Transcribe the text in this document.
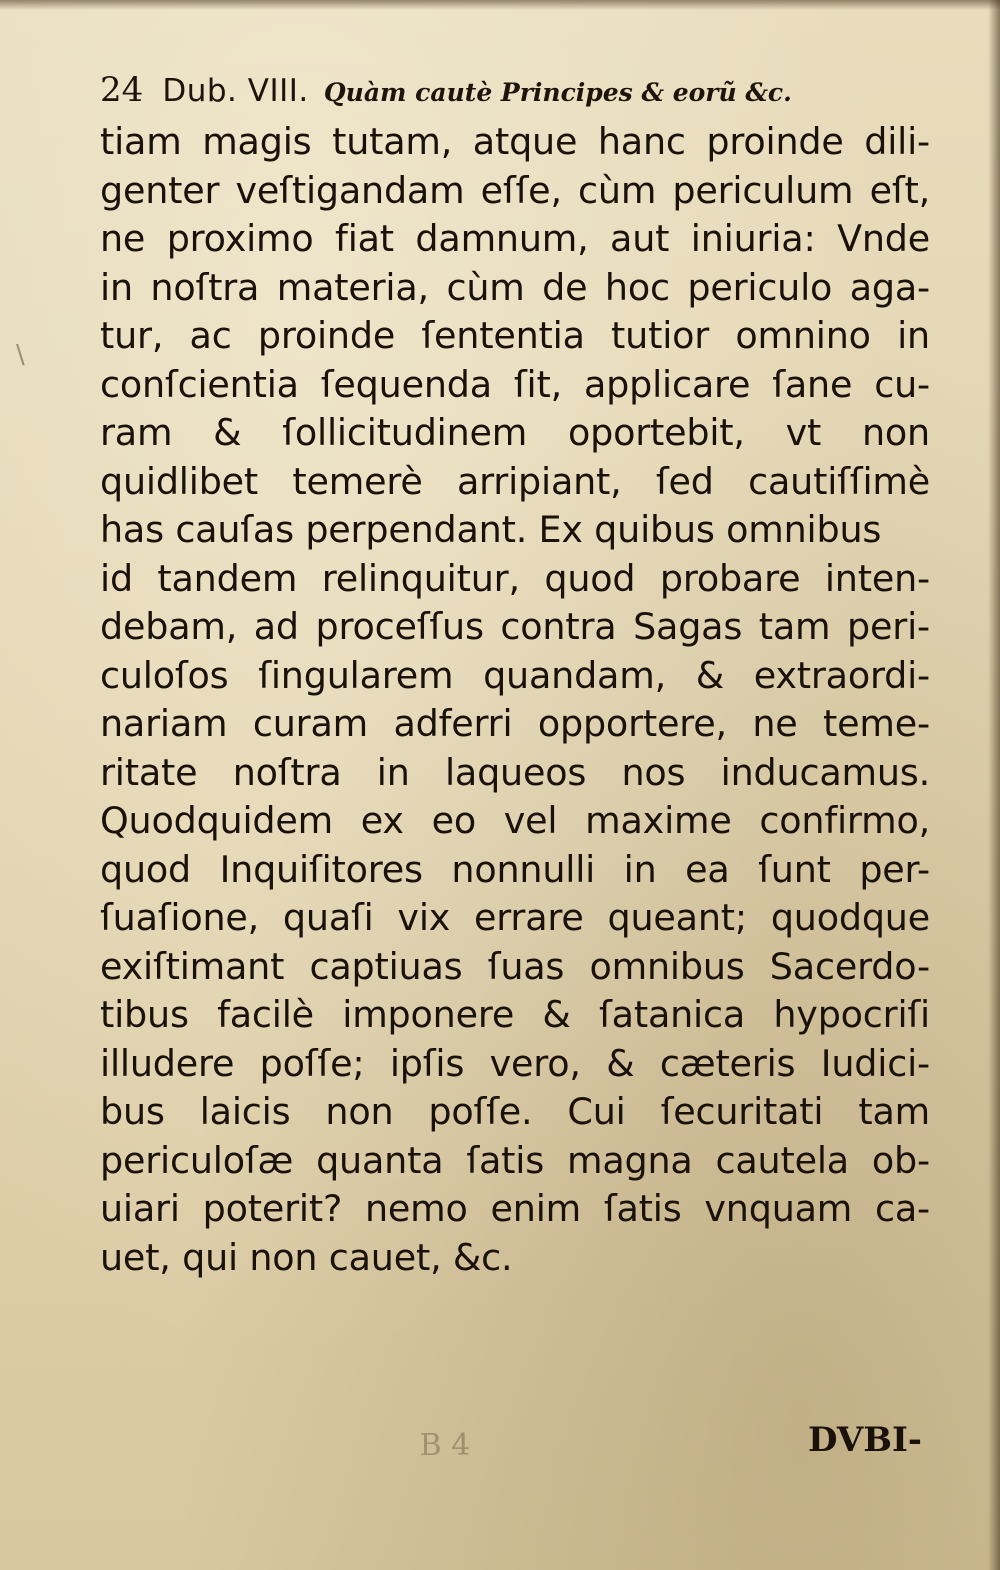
\
24 Dub. VIII. Quàm cautè Principes & eorũ &c.
tiam magis tutam, atque hanc proinde dili-
genter veſtigandam eſſe, cùm periculum eſt,
ne proximo fiat damnum, aut iniuria: Vnde
in noſtra materia, cùm de hoc periculo aga-
tur, ac proinde ſententia tutior omnino in
conſcientia ſequenda ſit, applicare ſane cu-
ram & ſollicitudinem oportebit, vt non
quidlibet temerè arripiant, ſed cautiſſimè
has cauſas perpendant. Ex quibus omnibus
id tandem relinquitur, quod probare inten-
debam, ad proceſſus contra Sagas tam peri-
culoſos ſingularem quandam, & extraordi-
nariam curam adferri opportere, ne teme-
ritate noſtra in laqueos nos inducamus.
Quodquidem ex eo vel maxime confirmo,
quod Inquiſitores nonnulli in ea ſunt per-
ſuaſione, quaſi vix errare queant; quodque
exiſtimant captiuas ſuas omnibus Sacerdo-
tibus facilè imponere & ſatanica hypocriſi
illudere poſſe; ipſis vero, & cæteris Iudici-
bus laicis non poſſe. Cui ſecuritati tam
periculoſæ quanta ſatis magna cautela ob-
uiari poterit? nemo enim ſatis vnquam ca-
uet, qui non cauet, &c.
B 4	DVBI-
